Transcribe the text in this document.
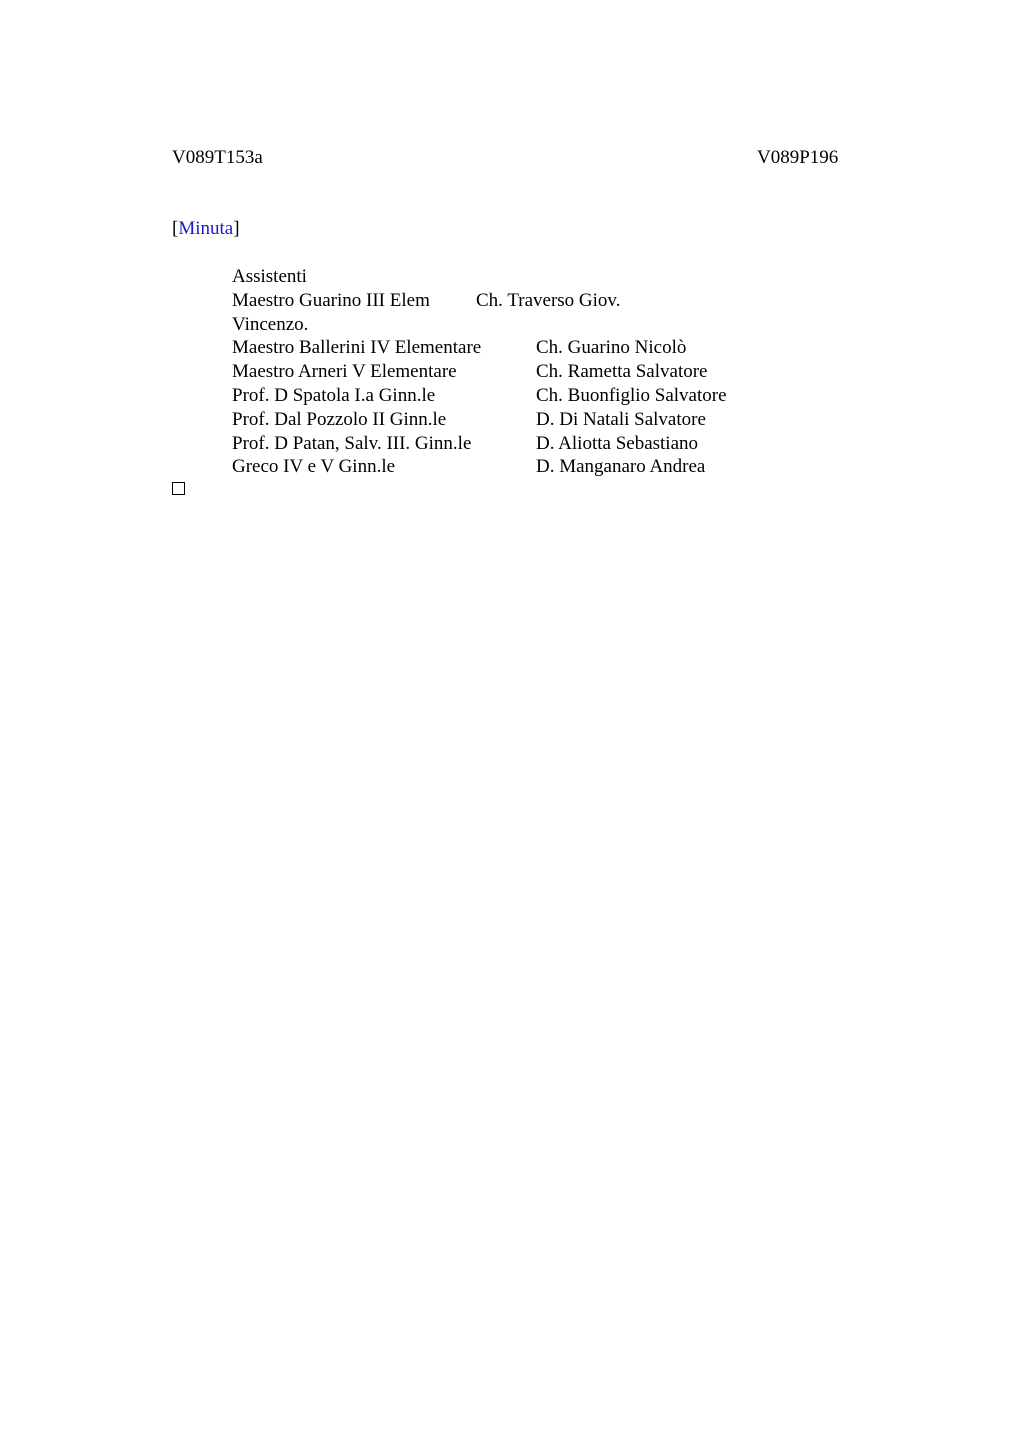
V089T153a	V089P196
[Minuta]
Assistenti
Maestro Guarino III Elem Ch. Traverso Giov.
Vincenzo.
Maestro Ballerini IV Elementare	Ch. Guarino Nicolò
Maestro Arneri V Elementare	Ch. Rametta Salvatore
Prof. D Spatola I.a Ginn.le	Ch. Buonfiglio Salvatore
Prof. Dal Pozzolo II Ginn.le	D. Di Natali Salvatore
Prof. D Patan, Salv. III. Ginn.le	D. Aliotta Sebastiano
Greco IV e V Ginn.le	D. Manganaro Andrea
